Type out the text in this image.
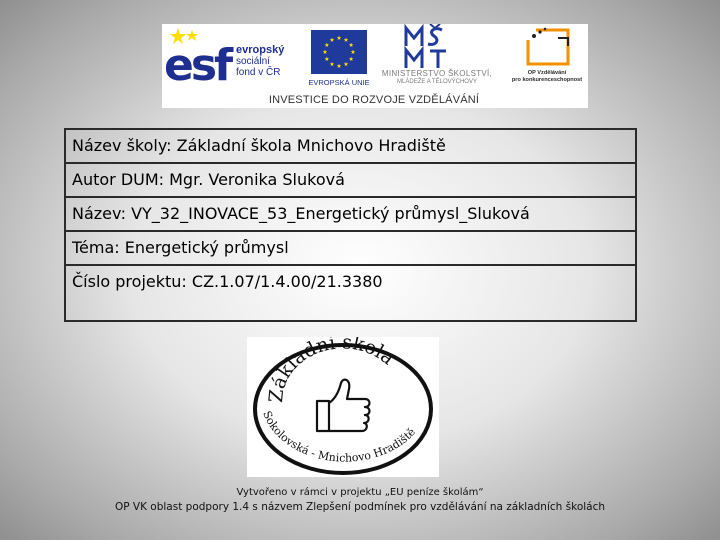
esf evropský
sociální
fond v ČR
EVROPSKÁ UNIE
MINISTERSTVO ŠKOLSTVÍ,
MLÁDEŽE A TĚLOVÝCHOVY
OP Vzdělávání
pro konkurenceschopnost
INVESTICE DO ROZVOJE VZDĚLÁVÁNÍ
Název školy: Základní škola Mnichovo Hradiště
Autor DUM: Mgr. Veronika Sluková
Název: VY_32_INOVACE_53_Energetický průmysl_Sluková
Téma: Energetický průmysl
Číslo projektu: CZ.1.07/1.4.00/21.3380
Základní škola
Sokolovská - Mnichovo Hradiště
Vytvořeno v rámci v projektu „EU peníze školám“
OP VK oblast podpory 1.4 s názvem Zlepšení podmínek pro vzdělávání na základních školách
